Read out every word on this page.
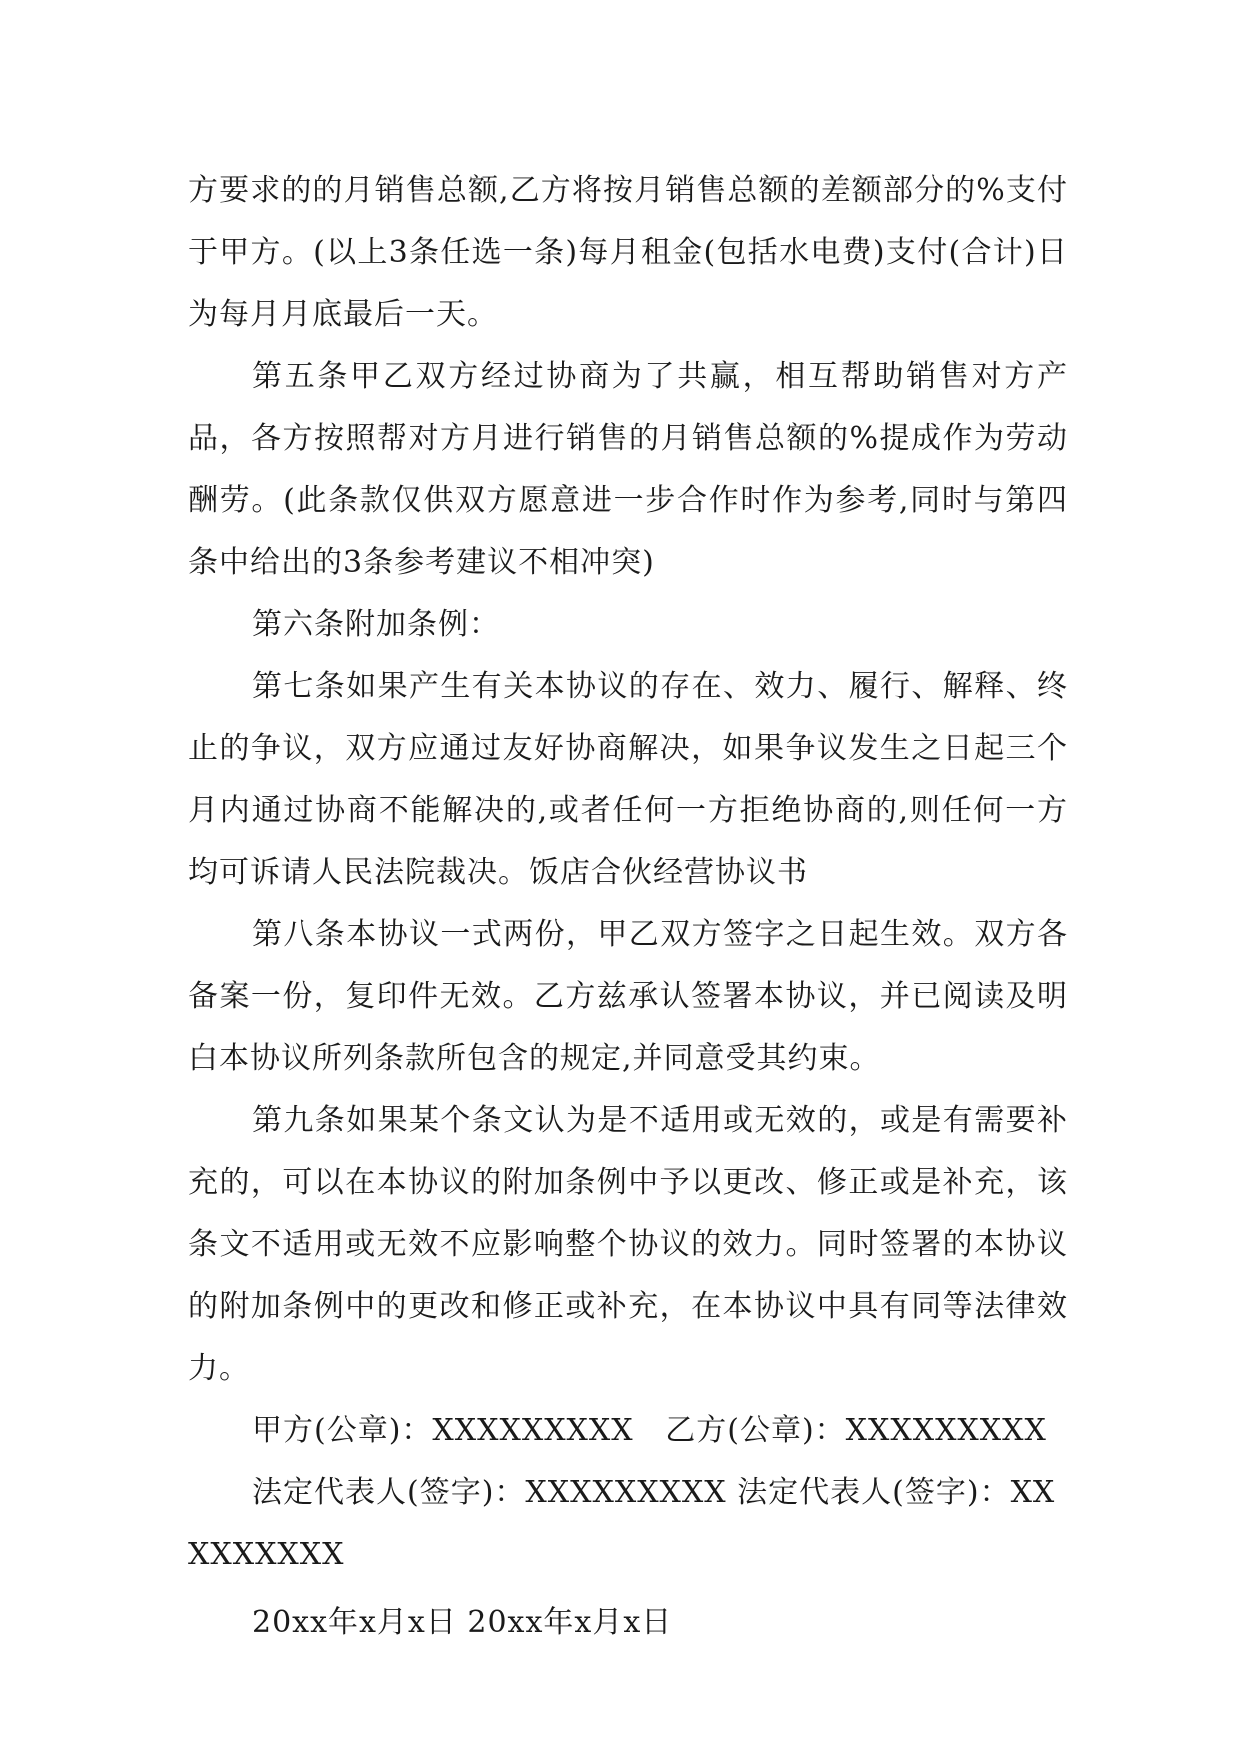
方要求的的月销售总额,乙方将按月销售总额的差额部分的%支付于甲方。(以上3条任选一条)每月租金(包括水电费)支付(合计)日为每月月底最后一天。

第五条甲乙双方经过协商为了共赢，相互帮助销售对方产品，各方按照帮对方月进行销售的月销售总额的%提成作为劳动酬劳。(此条款仅供双方愿意进一步合作时作为参考,同时与第四条中给出的3条参考建议不相冲突)

第六条附加条例：

第七条如果产生有关本协议的存在、效力、履行、解释、终止的争议，双方应通过友好协商解决，如果争议发生之日起三个月内通过协商不能解决的,或者任何一方拒绝协商的,则任何一方均可诉请人民法院裁决。饭店合伙经营协议书

第八条本协议一式两份，甲乙双方签字之日起生效。双方各备案一份，复印件无效。乙方兹承认签署本协议，并已阅读及明白本协议所列条款所包含的规定,并同意受其约束。

第九条如果某个条文认为是不适用或无效的，或是有需要补充的，可以在本协议的附加条例中予以更改、修正或是补充，该条文不适用或无效不应影响整个协议的效力。同时签署的本协议的附加条例中的更改和修正或补充，在本协议中具有同等法律效力。

甲方(公章)：XXXXXXXXX 乙方(公章)：XXXXXXXXX

法定代表人(签字)：XXXXXXXXX 法定代表人(签字)：XXXXXXXXX

20xx年x月x日 20xx年x月x日
